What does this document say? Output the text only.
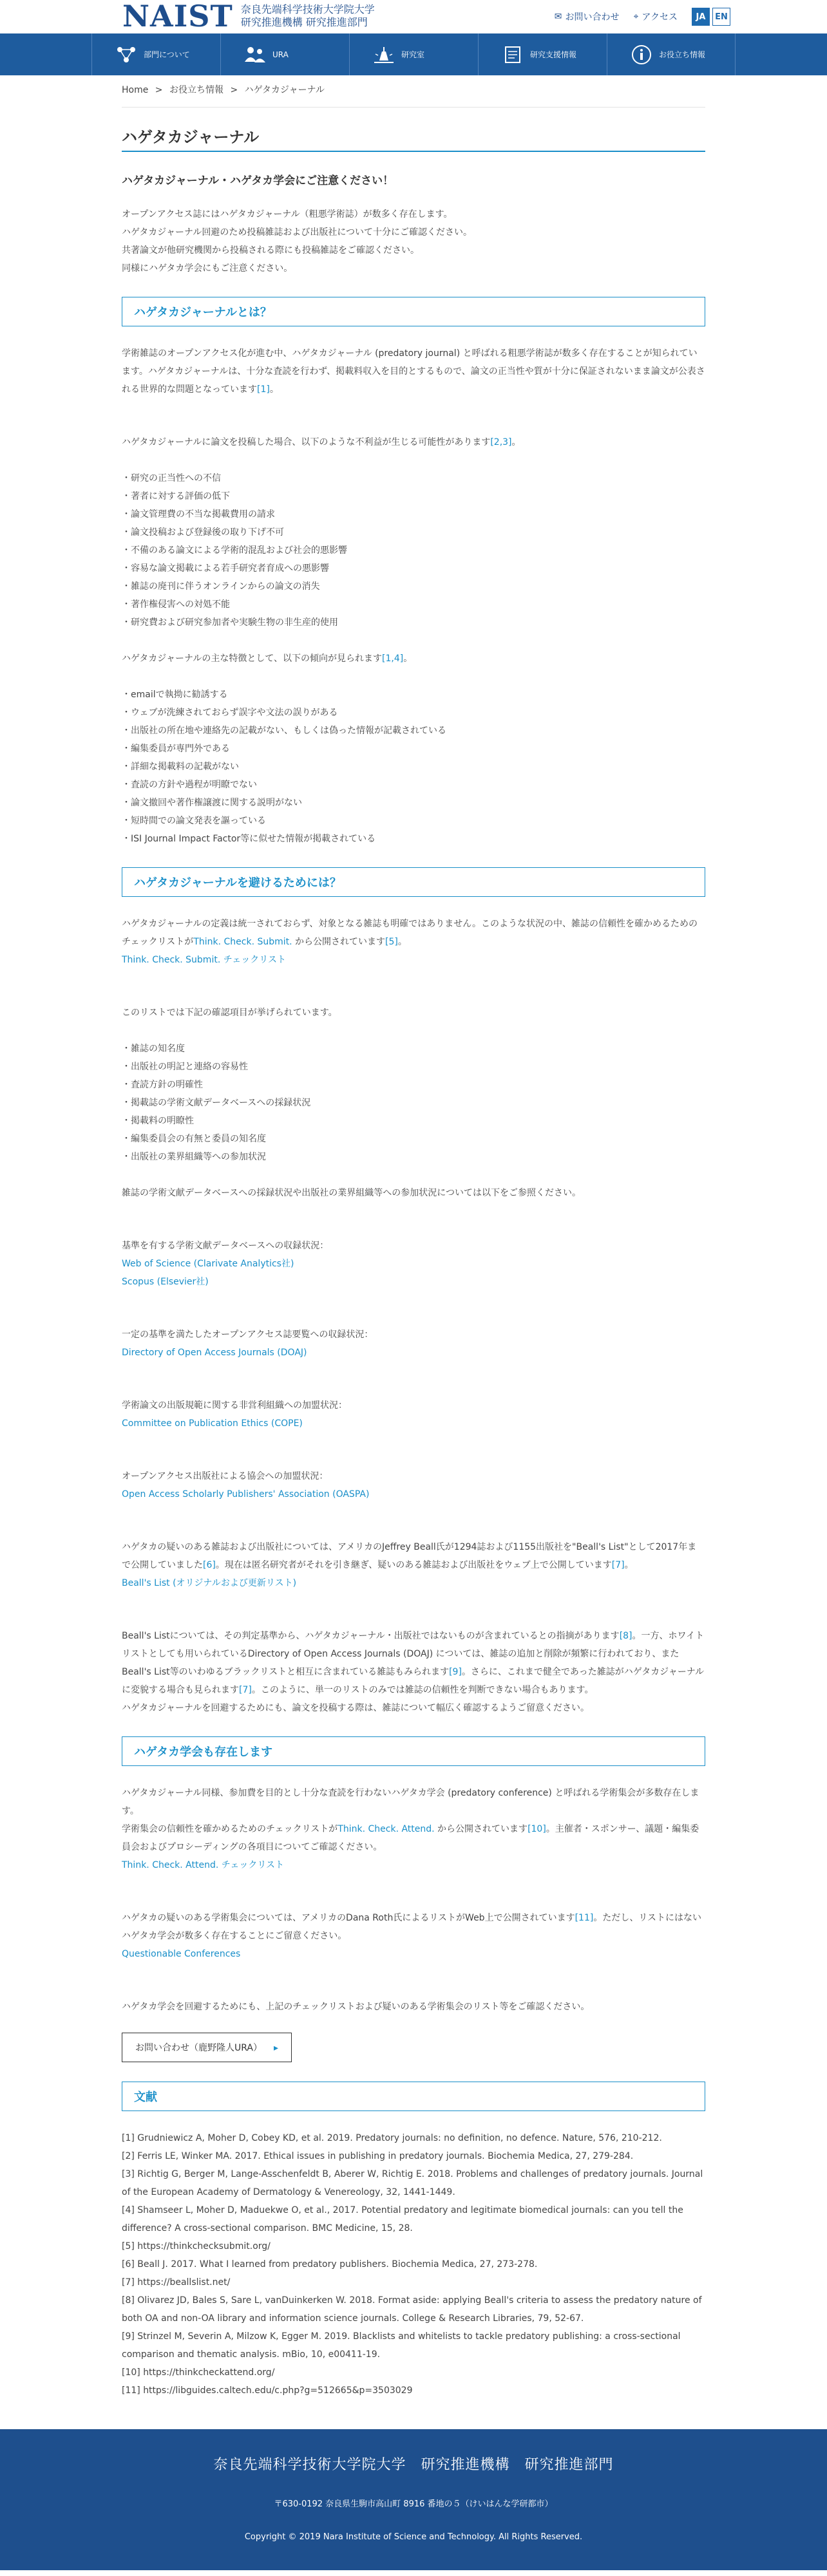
NAIST 奈良先端科学技術大学院大学
研究推進機構 研究推進部門	✉ お問い合わせ ⌖ アクセス	JA	EN
部門について	URA	研究室	研究支援情報	お役立ち情報
Home > お役立ち情報 > ハゲタカジャーナル
ハゲタカジャーナル
ハゲタカジャーナル・ハゲタカ学会にご注意ください！

オープンアクセス誌にはハゲタカジャーナル（粗悪学術誌）が数多く存在します。

ハゲタカジャーナル回避のため投稿雑誌および出版社について十分にご確認ください。

共著論文が他研究機関から投稿される際にも投稿雑誌をご確認ください。

同様にハゲタカ学会にもご注意ください。

ハゲタカジャーナルとは？

学術雑誌のオープンアクセス化が進む中、ハゲタカジャーナル (predatory journal) と呼ばれる粗悪学術誌が数多く存在することが知られています。ハゲタカジャーナルは、十分な査読を行わず、掲載料収入を目的とするもので、論文の正当性や質が十分に保証されないまま論文が公表される世界的な問題となっています[1]。

ハゲタカジャーナルに論文を投稿した場合、以下のような不利益が生じる可能性があります[2,3]。

・研究の正当性への不信
・著者に対する評価の低下
・論文管理費の不当な掲載費用の請求
・論文投稿および登録後の取り下げ不可
・不備のある論文による学術的混乱および社会的悪影響
・容易な論文掲載による若手研究者育成への悪影響
・雑誌の廃刊に伴うオンラインからの論文の消失
・著作権侵害への対処不能
・研究費および研究参加者や実験生物の非生産的使用

ハゲタカジャーナルの主な特徴として、以下の傾向が見られます[1,4]。

・emailで執拗に勧誘する
・ウェブが洗練されておらず誤字や文法の誤りがある
・出版社の所在地や連絡先の記載がない、もしくは偽った情報が記載されている
・編集委員が専門外である
・詳細な掲載料の記載がない
・査読の方針や過程が明瞭でない
・論文撤回や著作権譲渡に関する説明がない
・短時間での論文発表を謳っている
・ISI Journal Impact Factor等に似せた情報が掲載されている
ハゲタカジャーナルを避けるためには？

ハゲタカジャーナルの定義は統一されておらず、対象となる雑誌も明確ではありません。このような状況の中、雑誌の信頼性を確かめるためのチェックリストがThink. Check. Submit. から公開されています[5]。

Think. Check. Submit. チェックリスト

このリストでは下記の確認項目が挙げられています。

・雑誌の知名度
・出版社の明記と連絡の容易性
・査読方針の明確性
・掲載誌の学術文献データベースへの採録状況
・掲載料の明瞭性
・編集委員会の有無と委員の知名度
・出版社の業界組織等への参加状況

雑誌の学術文献データベースへの採録状況や出版社の業界組織等への参加状況については以下をご参照ください。

基準を有する学術文献データベースへの収録状況：

Web of Science (Clarivate Analytics社)

Scopus (Elsevier社)

一定の基準を満たしたオープンアクセス誌要覧への収録状況：

Directory of Open Access Journals (DOAJ)

学術論文の出版規範に関する非営利組織への加盟状況：

Committee on Publication Ethics (COPE)

オープンアクセス出版社による協会への加盟状況：

Open Access Scholarly Publishers' Association (OASPA)

ハゲタカの疑いのある雑誌および出版社については、アメリカのJeffrey Beall氏が1294誌および1155出版社を"Beall's List"として2017年まで公開していました[6]。現在は匿名研究者がそれを引き継ぎ、疑いのある雑誌および出版社をウェブ上で公開しています[7]。

Beall's List (オリジナルおよび更新リスト)

Beall's Listについては、その判定基準から、ハゲタカジャーナル・出版社ではないものが含まれているとの指摘があります[8]。一方、ホワイトリストとしても用いられているDirectory of Open Access Journals (DOAJ) については、雑誌の追加と削除が頻繁に行われており、またBeall's List等のいわゆるブラックリストと相互に含まれている雑誌もみられます[9]。さらに、これまで健全であった雑誌がハゲタカジャーナルに変貌する場合も見られます[7]。このように、単一のリストのみでは雑誌の信頼性を判断できない場合もあります。

ハゲタカジャーナルを回避するためにも、論文を投稿する際は、雑誌について幅広く確認するようご留意ください。

ハゲタカ学会も存在します

ハゲタカジャーナル同様、参加費を目的とし十分な査読を行わないハゲタカ学会 (predatory conference) と呼ばれる学術集会が多数存在します。

学術集会の信頼性を確かめるためのチェックリストがThink. Check. Attend. から公開されています[10]。主催者・スポンサー、議題・編集委員会およびプロシーディングの各項目についてご確認ください。

Think. Check. Attend. チェックリスト

ハゲタカの疑いのある学術集会については、アメリカのDana Roth氏によるリストがWeb上で公開されています[11]。ただし、リストにはないハゲタカ学会が数多く存在することにご留意ください。

Questionable Conferences

ハゲタカ学会を回避するためにも、上記のチェックリストおよび疑いのある学術集会のリスト等をご確認ください。

お問い合わせ（鹿野隆人URA） ▸
文献

[1] Grudniewicz A, Moher D, Cobey KD, et al. 2019. Predatory journals: no definition, no defence. Nature, 576, 210-212.

[2] Ferris LE, Winker MA. 2017. Ethical issues in publishing in predatory journals. Biochemia Medica, 27, 279-284.

[3] Richtig G, Berger M, Lange-Asschenfeldt B, Aberer W, Richtig E. 2018. Problems and challenges of predatory journals. Journal of the European Academy of Dermatology & Venereology, 32, 1441-1449.

[4] Shamseer L, Moher D, Maduekwe O, et al., 2017. Potential predatory and legitimate biomedical journals: can you tell the difference? A cross-sectional comparison. BMC Medicine, 15, 28.

[5] https://thinkchecksubmit.org/

[6] Beall J. 2017. What I learned from predatory publishers. Biochemia Medica, 27, 273-278.

[7] https://beallslist.net/

[8] Olivarez JD, Bales S, Sare L, vanDuinkerken W. 2018. Format aside: applying Beall's criteria to assess the predatory nature of both OA and non-OA library and information science journals. College & Research Libraries, 79, 52-67.

[9] Strinzel M, Severin A, Milzow K, Egger M. 2019. Blacklists and whitelists to tackle predatory publishing: a cross-sectional comparison and thematic analysis. mBio, 10, e00411-19.

[10] https://thinkcheckattend.org/

[11] https://libguides.caltech.edu/c.php?g=512665&p=3503029

奈良先端科学技術大学院大学　研究推進機構　研究推進部門
〒630-0192 奈良県生駒市高山町 8916 番地の５（けいはんな学研都市）
Copyright © 2019 Nara Institute of Science and Technology. All Rights Reserved.
